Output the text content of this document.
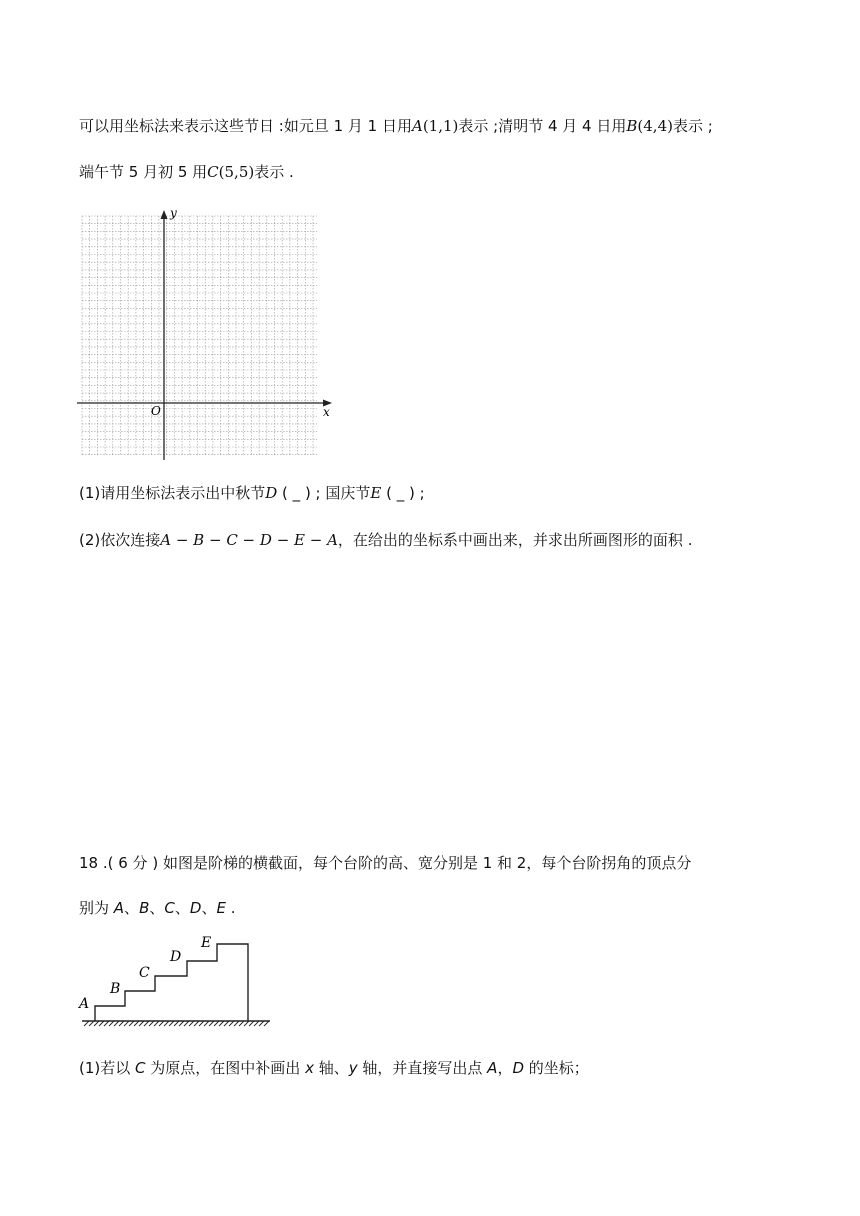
可以用坐标法来表示这些节日 :如元旦 1 月 1 日用A(1,1)表示 ;清明节 4 月 4 日用B(4,4)表示 ;
端午节 5 月初 5 用C(5,5)表示 .
x
y
O
(1)请用坐标法表示出中秋节D ( _ ) ; 国庆节E ( _ ) ;
(2)依次连接A − B − C − D − E − A，在给出的坐标系中画出来，并求出所画图形的面积 .
18 .( 6 分 ) 如图是阶梯的横截面，每个台阶的高、宽分别是 1 和 2，每个台阶拐角的顶点分
别为 A、B、C、D、E .
A
B
C
D
E
(1)若以 C 为原点，在图中补画出 x 轴、y 轴，并直接写出点 A，D 的坐标；
